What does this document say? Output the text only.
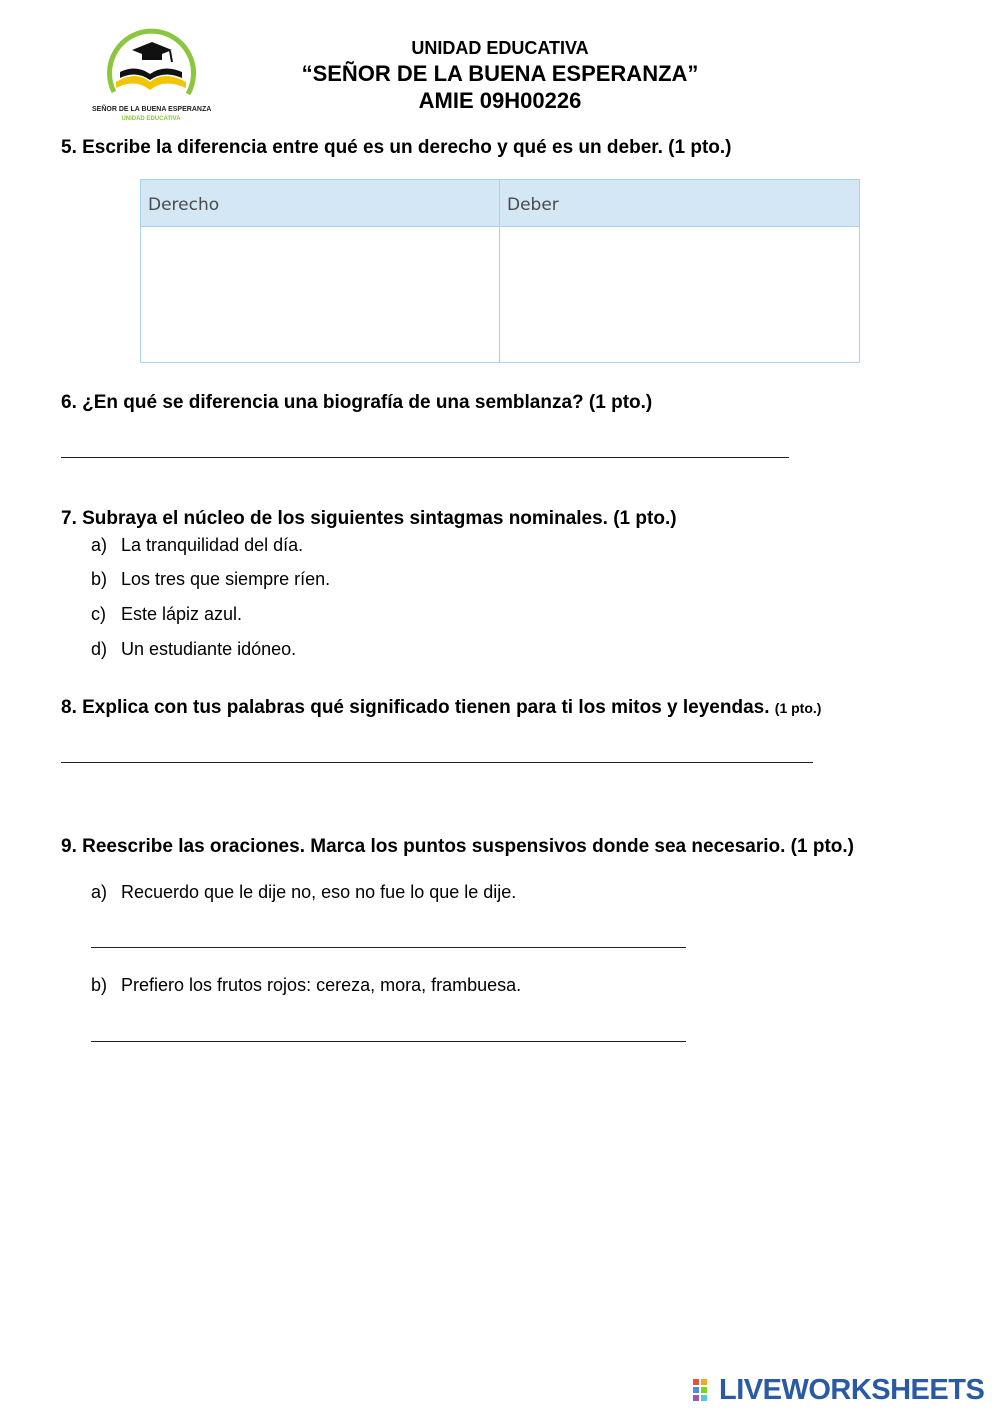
SEÑOR DE LA BUENA ESPERANZA
UNIDAD EDUCATIVA
UNIDAD EDUCATIVA
“SEÑOR DE LA BUENA ESPERANZA”
AMIE 09H00226
5. Escribe la diferencia entre qué es un derecho y qué es un deber. (1 pto.)
Derecho	Deber
6. ¿En qué se diferencia una biografía de una semblanza? (1 pto.)
7. Subraya el núcleo de los siguientes sintagmas nominales. (1 pto.)
a) La tranquilidad del día.
b) Los tres que siempre ríen.
c) Este lápiz azul.
d) Un estudiante idóneo.
8. Explica con tus palabras qué significado tienen para ti los mitos y leyendas. (1 pto.)
9. Reescribe las oraciones. Marca los puntos suspensivos donde sea necesario. (1 pto.)
a) Recuerdo que le dije no, eso no fue lo que le dije.
b) Prefiero los frutos rojos: cereza, mora, frambuesa.
LIVEWORKSHEETS
